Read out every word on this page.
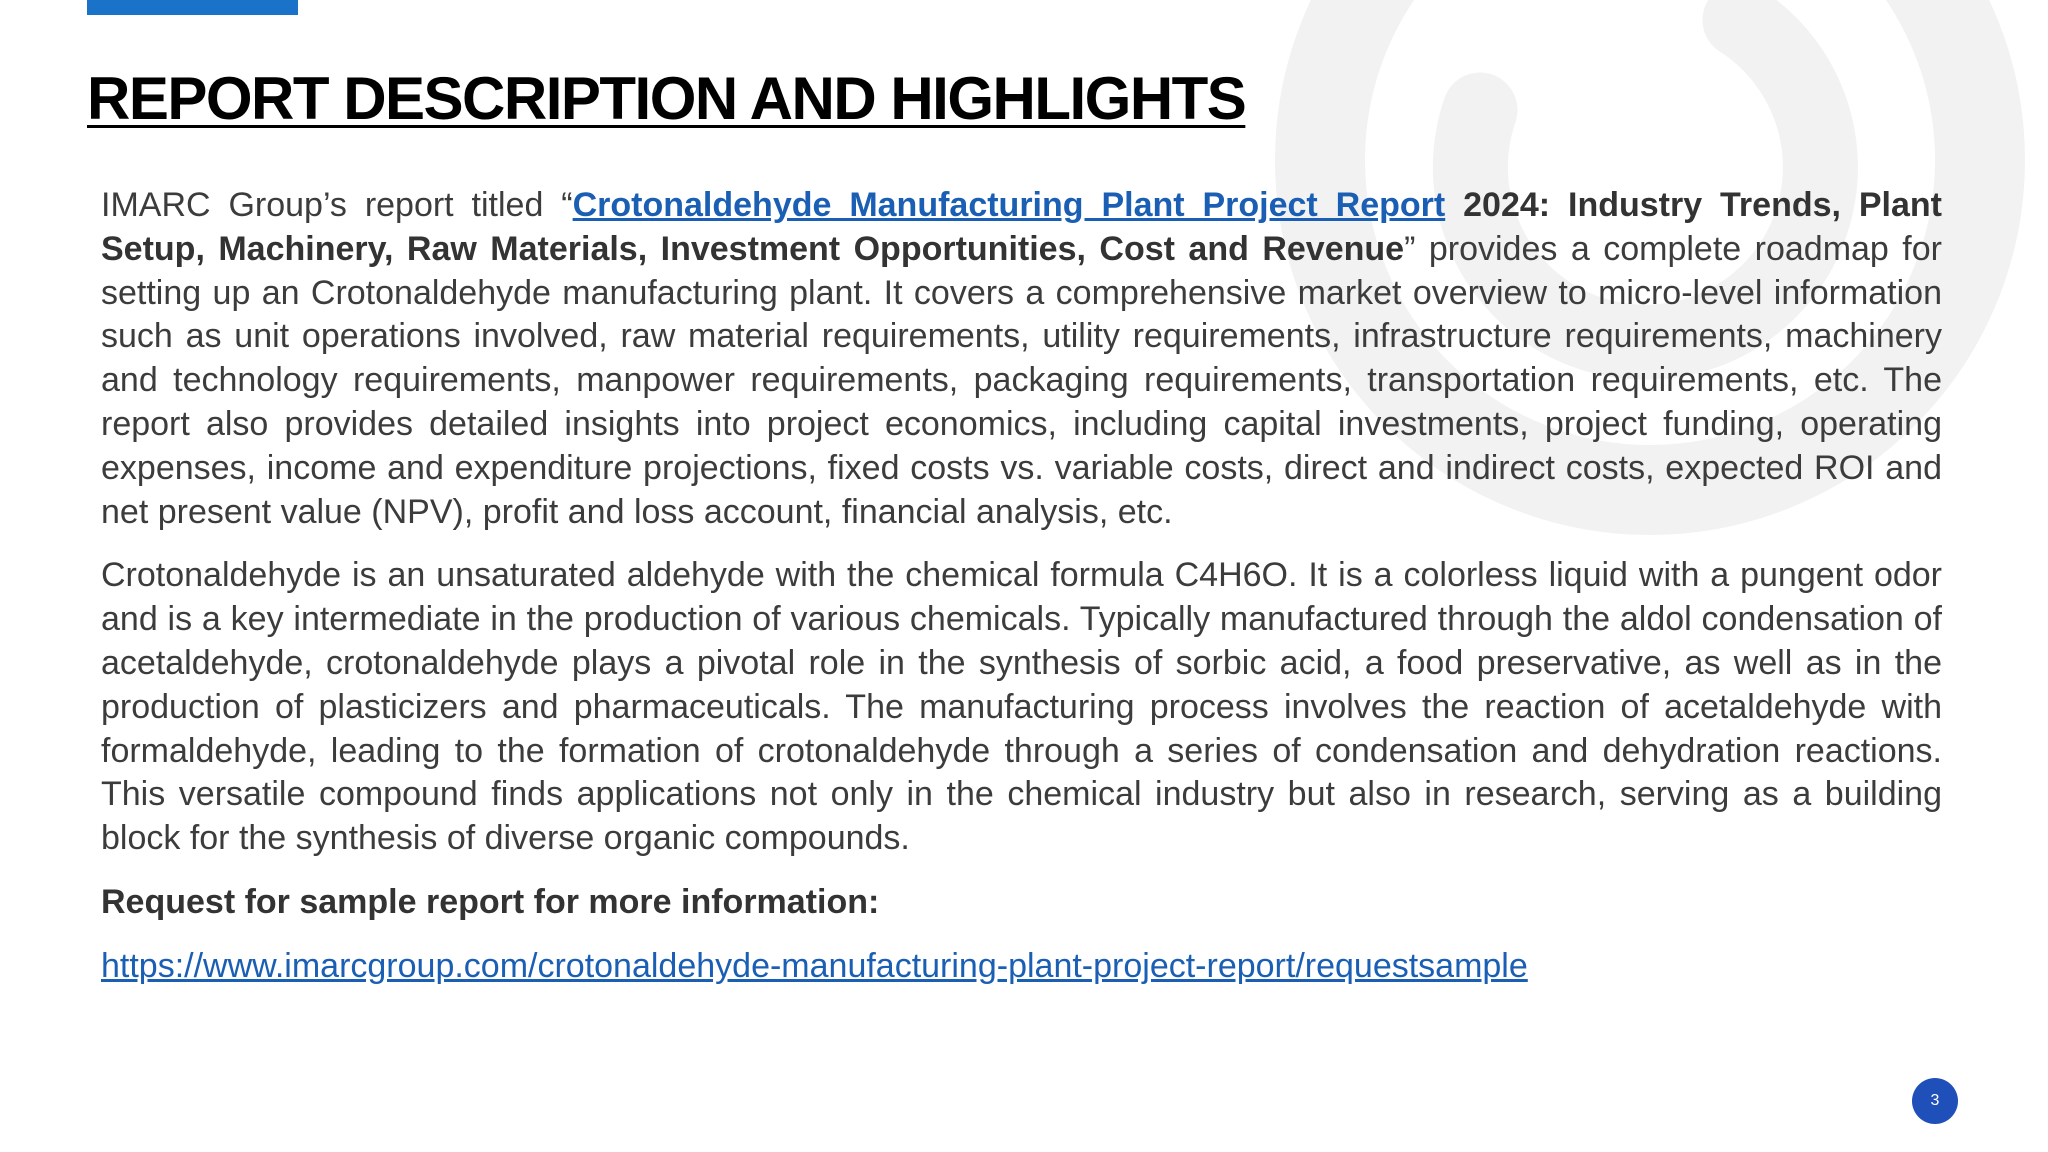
REPORT DESCRIPTION AND HIGHLIGHTS

IMARC Group’s report titled “Crotonaldehyde Manufacturing Plant Project Report 2024: Industry Trends, Plant Setup, Machinery, Raw Materials, Investment Opportunities, Cost and Revenue” provides a complete roadmap for setting up an Crotonaldehyde manufacturing plant. It covers a comprehensive market overview to micro-level information such as unit operations involved, raw material requirements, utility requirements, infrastructure requirements, machinery and technology requirements, manpower requirements, packaging requirements, transportation requirements, etc. The report also provides detailed insights into project economics, including capital investments, project funding, operating expenses, income and expenditure projections, fixed costs vs. variable costs, direct and indirect costs, expected ROI and net present value (NPV), profit and loss account, financial analysis, etc.

Crotonaldehyde is an unsaturated aldehyde with the chemical formula C4H6O. It is a colorless liquid with a pungent odor and is a key intermediate in the production of various chemicals. Typically manufactured through the aldol condensation of acetaldehyde, crotonaldehyde plays a pivotal role in the synthesis of sorbic acid, a food preservative, as well as in the production of plasticizers and pharmaceuticals. The manufacturing process involves the reaction of acetaldehyde with formaldehyde, leading to the formation of crotonaldehyde through a series of condensation and dehydration reactions. This versatile compound finds applications not only in the chemical industry but also in research, serving as a building block for the synthesis of diverse organic compounds.

Request for sample report for more information:

https://www.imarcgroup.com/crotonaldehyde-manufacturing-plant-project-report/requestsample

3
